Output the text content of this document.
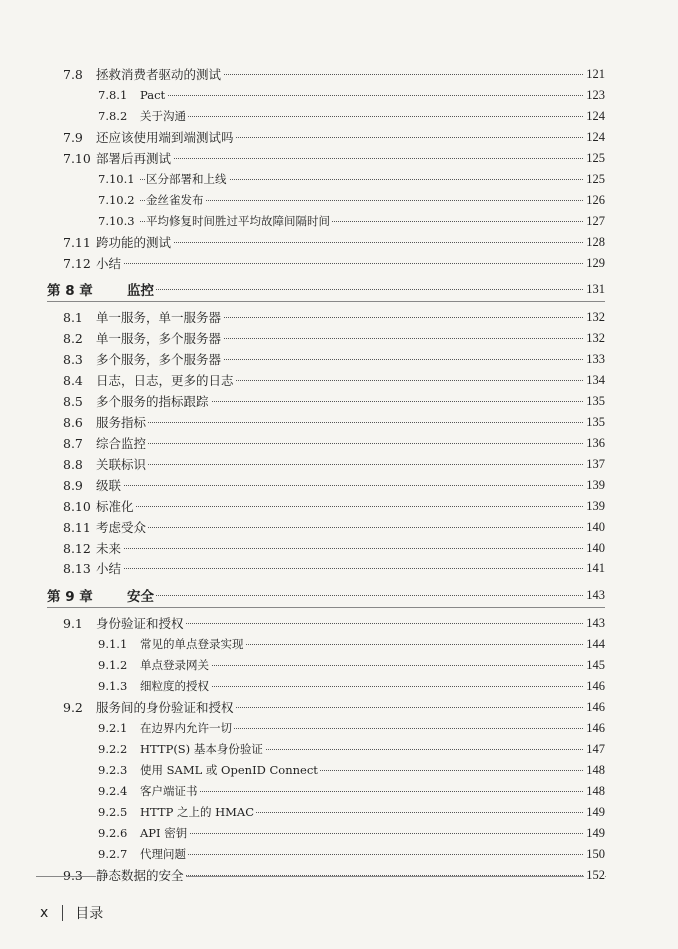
7.8 拯救消费者驱动的测试	121
7.8.1 Pact	123
7.8.2 关于沟通	124
7.9 还应该使用端到端测试吗	124
7.10 部署后再测试	125
7.10.1 区分部署和上线	125
7.10.2 金丝雀发布	126
7.10.3 平均修复时间胜过平均故障间隔时间	127
7.11 跨功能的测试	128
7.12 小结	129
第 8 章	监控	131
8.1 单一服务，单一服务器	132
8.2 单一服务，多个服务器	132
8.3 多个服务，多个服务器	133
8.4 日志，日志，更多的日志	134
8.5 多个服务的指标跟踪	135
8.6 服务指标	135
8.7 综合监控	136
8.8 关联标识	137
8.9 级联	139
8.10 标准化	139
8.11 考虑受众	140
8.12 未来	140
8.13 小结	141
第 9 章	安全	143
9.1 身份验证和授权	143
9.1.1 常见的单点登录实现	144
9.1.2 单点登录网关	145
9.1.3 细粒度的授权	146
9.2 服务间的身份验证和授权	146
9.2.1 在边界内允许一切	146
9.2.2 HTTP(S) 基本身份验证	147
9.2.3 使用 SAML 或 OpenID Connect	148
9.2.4 客户端证书	148
9.2.5 HTTP 之上的 HMAC	149
9.2.6 API 密钥	149
9.2.7 代理问题	150
9.3 静态数据的安全	152
x 目录
